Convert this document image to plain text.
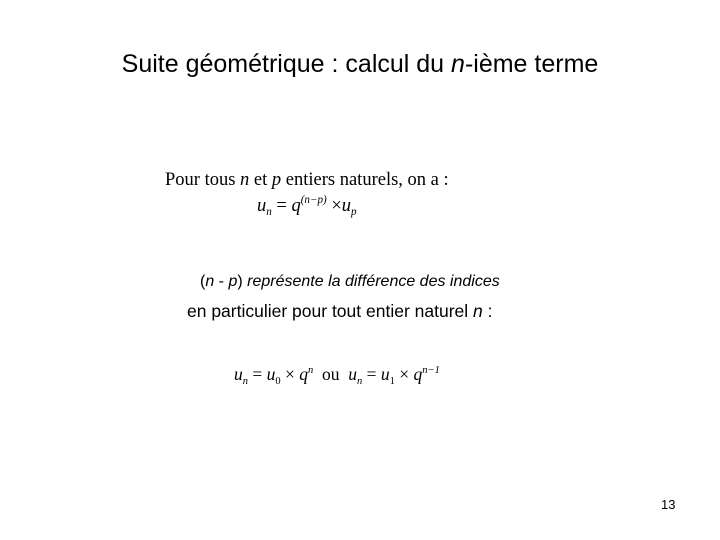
Suite géométrique : calcul du n-ième terme
Pour tous n et p entiers naturels, on a :
$u_n = q^{(n-p)} \times u_p$
(n - p) représente la différence des indices
en particulier pour tout entier naturel n :
$u_n = u_0 \times q^n$  ou  $u_n = u_1 \times q^{n-1}$
13
